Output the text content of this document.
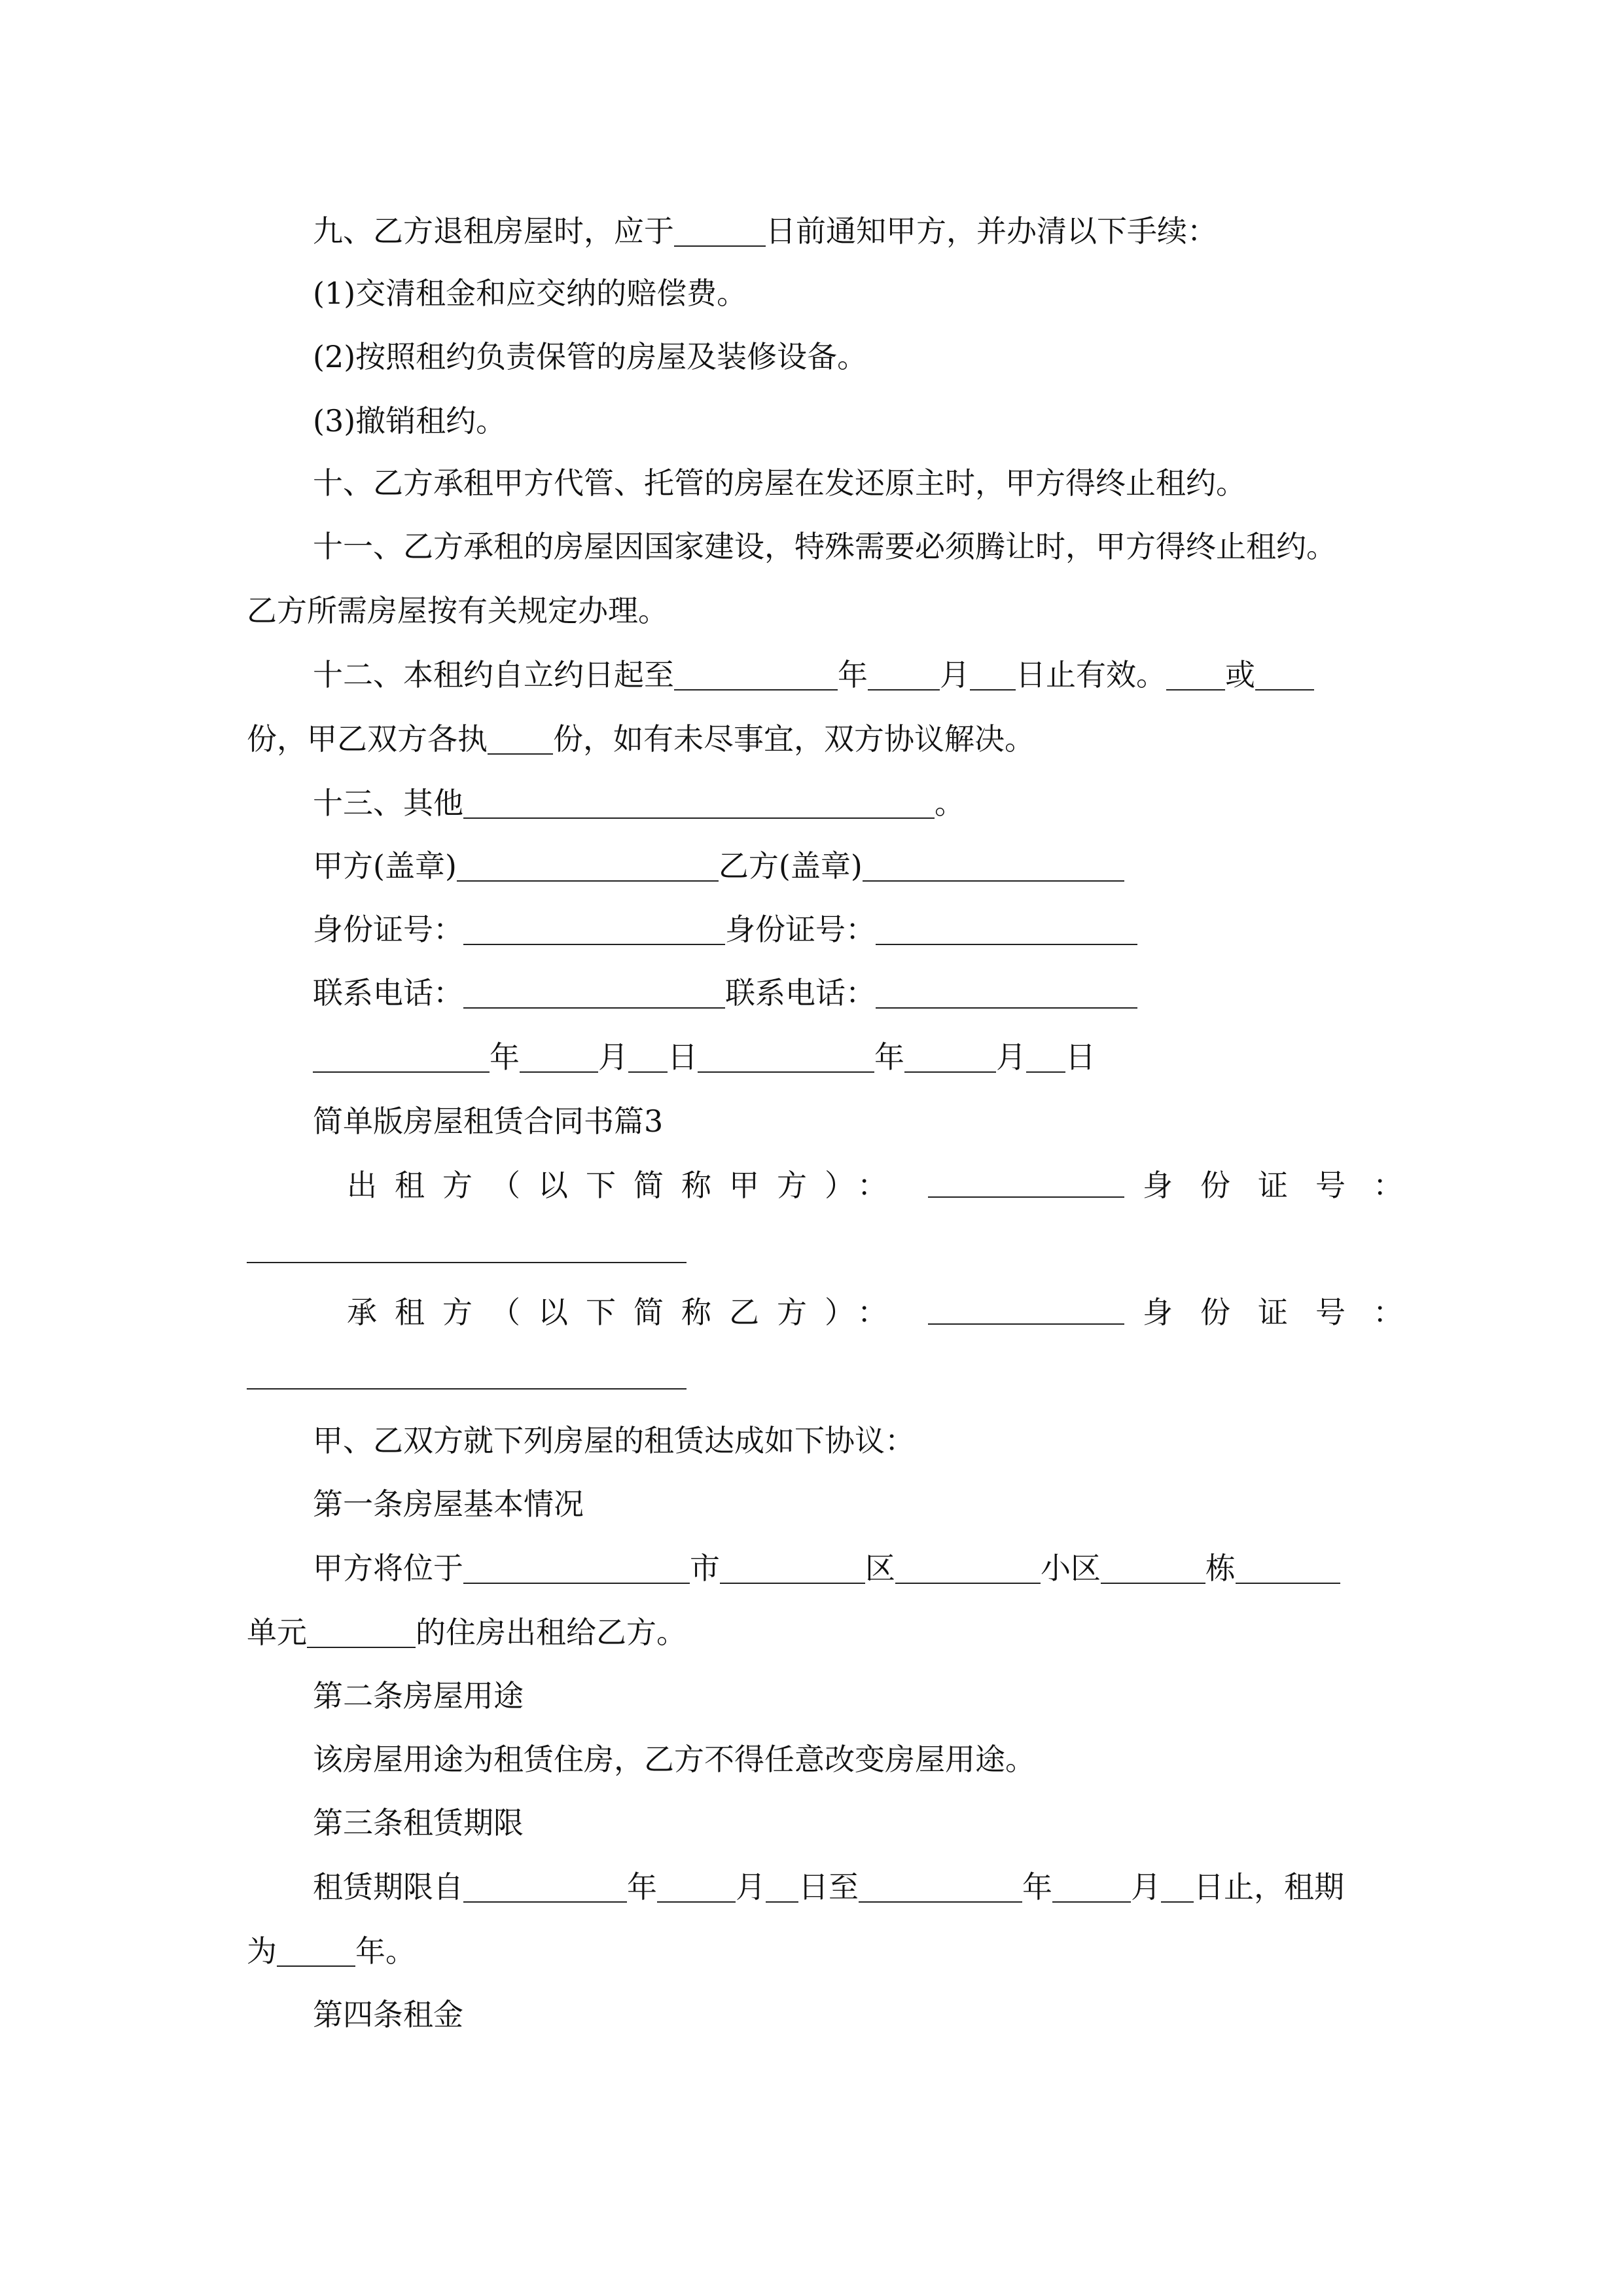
九、乙方退租房屋时，应于	日前通知甲方，并办清以下手续：
(1)交清租金和应交纳的赔偿费。
(2)按照租约负责保管的房屋及装修设备。
(3)撤销租约。
十、乙方承租甲方代管、托管的房屋在发还原主时，甲方得终止租约。
十一、乙方承租的房屋因国家建设，特殊需要必须腾让时，甲方得终止租约。
乙方所需房屋按有关规定办理。
十二、本租约自立约日起至	年 月 日止有效。 或
份，甲乙双方各执 份，如有未尽事宜，双方协议解决。
十三、其他	。
甲方(盖章)	乙方(盖章)
身份证号：	身份证号：
联系电话：	联系电话：
年	月 日	年	月 日
简单版房屋租赁合同书篇3
出租方（以下简称甲方）：	身份证号：
承租方（以下简称乙方）：	身份证号：
甲、乙双方就下列房屋的租赁达成如下协议：
第一条房屋基本情况
甲方将位于	市	区	小区	栋
单元	的住房出租给乙方。
第二条房屋用途
该房屋用途为租赁住房，乙方不得任意改变房屋用途。
第三条租赁期限
租赁期限自	年	月 日至	年	月 日止，租期
为	年。
第四条租金
